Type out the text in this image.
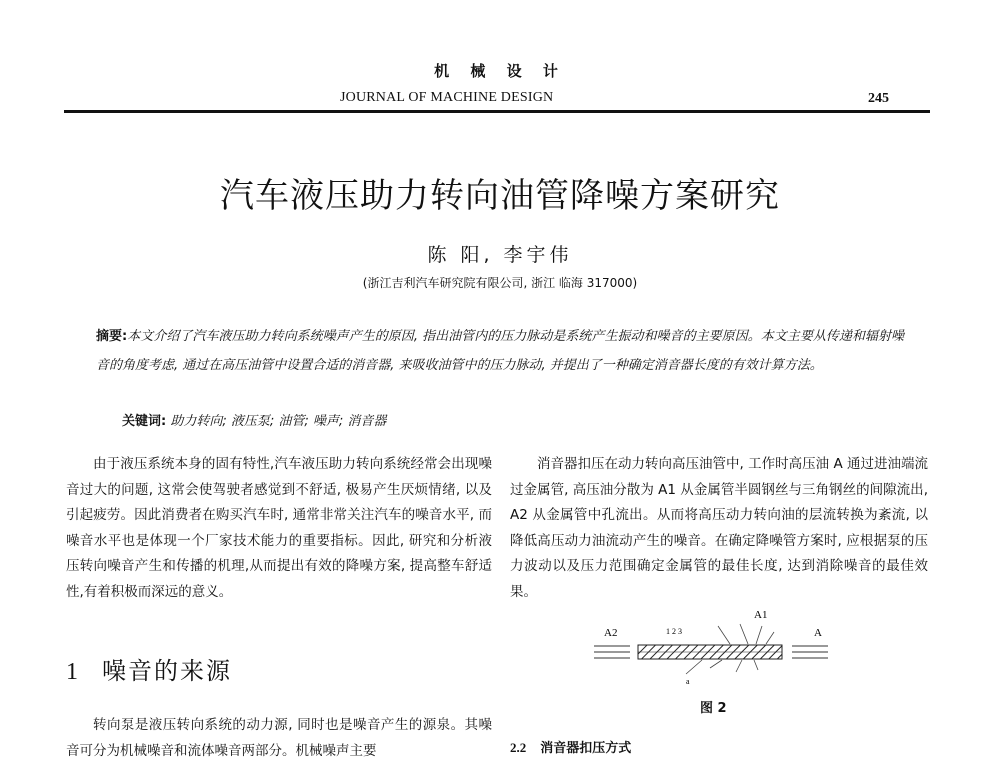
机 械 设 计
JOURNAL OF MACHINE DESIGN	245
汽车液压助力转向油管降噪方案研究
陈 阳, 李宇伟
(浙江吉利汽车研究院有限公司, 浙江 临海 317000)
摘要:本文介绍了汽车液压助力转向系统噪声产生的原因, 指出油管内的压力脉动是系统产生振动和噪音的主要原因。本文主要从传递和辐射噪音的角度考虑, 通过在高压油管中设置合适的消音器, 来吸收油管中的压力脉动, 并提出了一种确定消音器长度的有效计算方法。
关键词: 助力转向; 液压泵; 油管; 噪声; 消音器

由于液压系统本身的固有特性,汽车液压助力转向系统经常会出现噪音过大的问题, 这常会使驾驶者感觉到不舒适, 极易产生厌烦情绪, 以及引起疲劳。因此消费者在购买汽车时, 通常非常关注汽车的噪音水平, 而噪音水平也是体现一个厂家技术能力的重要指标。因此, 研究和分析液压转向噪音产生和传播的机理,从而提出有效的降噪方案, 提高整车舒适性,有着积极而深远的意义。

1 噪音的来源

转向泵是液压转向系统的动力源, 同时也是噪音产生的源泉。其噪音可分为机械噪音和流体噪音两部分。机械噪声主要

消音器扣压在动力转向高压油管中, 工作时高压油 A 通过进油端流过金属管, 高压油分散为 A1 从金属管半圆钢丝与三角钢丝的间隙流出, A2 从金属管中孔流出。从而将高压动力转向油的层流转换为紊流, 以降低高压动力油流动产生的噪音。在确定降噪管方案时, 应根据泵的压力波动以及压力范围确定金属管的最佳长度, 达到消除噪音的最佳效果。

A2
A1
A
1 2 3
a
图 2
2.2 消音器扣压方式
